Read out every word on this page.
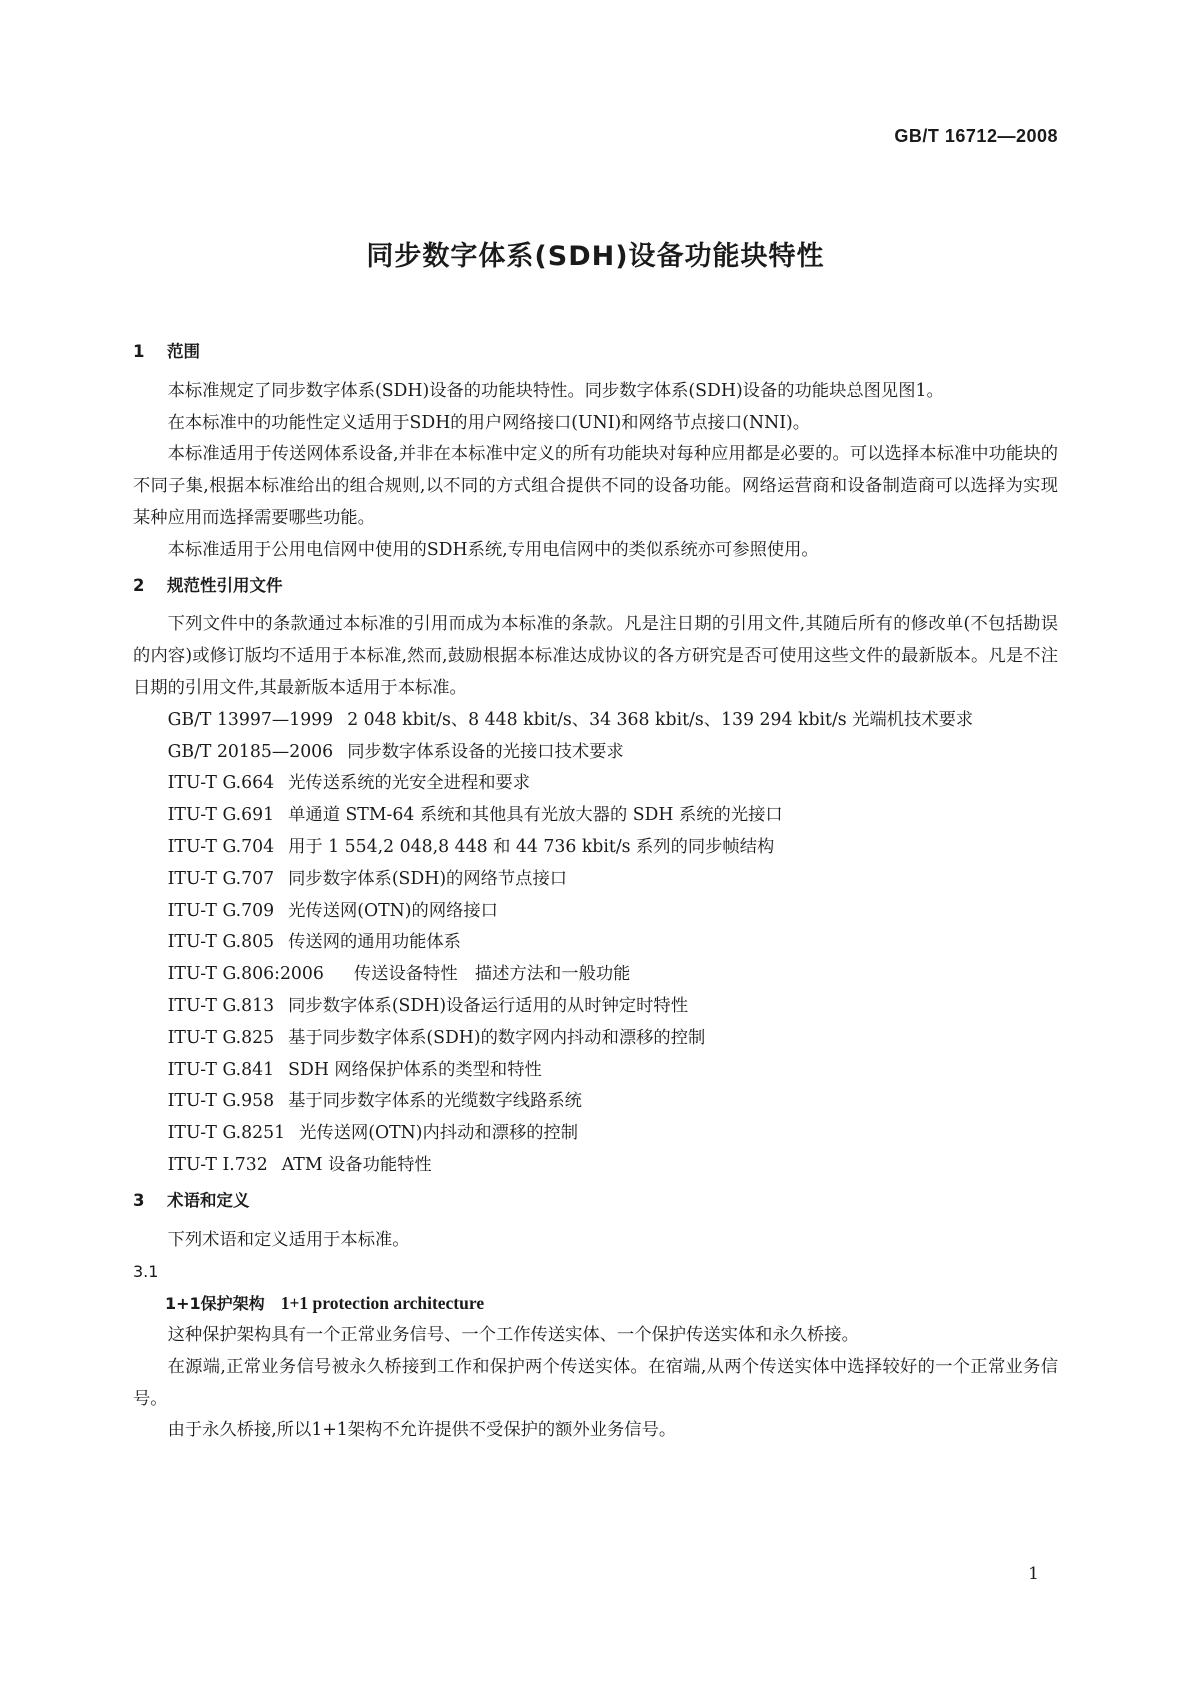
GB/T 16712—2008
同步数字体系(SDH)设备功能块特性
1 范围

本标准规定了同步数字体系(SDH)设备的功能块特性。同步数字体系(SDH)设备的功能块总图见图1。

在本标准中的功能性定义适用于SDH的用户网络接口(UNI)和网络节点接口(NNI)。

本标准适用于传送网体系设备,并非在本标准中定义的所有功能块对每种应用都是必要的。可以选择本标准中功能块的不同子集,根据本标准给出的组合规则,以不同的方式组合提供不同的设备功能。网络运营商和设备制造商可以选择为实现某种应用而选择需要哪些功能。

本标准适用于公用电信网中使用的SDH系统,专用电信网中的类似系统亦可参照使用。

2 规范性引用文件

下列文件中的条款通过本标准的引用而成为本标准的条款。凡是注日期的引用文件,其随后所有的修改单(不包括勘误的内容)或修订版均不适用于本标准,然而,鼓励根据本标准达成协议的各方研究是否可使用这些文件的最新版本。凡是不注日期的引用文件,其最新版本适用于本标准。

GB/T 13997—1999 2 048 kbit/s、8 448 kbit/s、34 368 kbit/s、139 294 kbit/s 光端机技术要求
GB/T 20185—2006 同步数字体系设备的光接口技术要求
ITU-T G.664 光传送系统的光安全进程和要求
ITU-T G.691 单通道 STM-64 系统和其他具有光放大器的 SDH 系统的光接口
ITU-T G.704 用于 1 554,2 048,8 448 和 44 736 kbit/s 系列的同步帧结构
ITU-T G.707 同步数字体系(SDH)的网络节点接口
ITU-T G.709 光传送网(OTN)的网络接口
ITU-T G.805 传送网的通用功能体系
ITU-T G.806:2006 传送设备特性　描述方法和一般功能
ITU-T G.813 同步数字体系(SDH)设备运行适用的从时钟定时特性
ITU-T G.825 基于同步数字体系(SDH)的数字网内抖动和漂移的控制
ITU-T G.841 SDH 网络保护体系的类型和特性
ITU-T G.958 基于同步数字体系的光缆数字线路系统
ITU-T G.8251 光传送网(OTN)内抖动和漂移的控制
ITU-T I.732 ATM 设备功能特性
3 术语和定义

下列术语和定义适用于本标准。

3.1
1+1保护架构 1+1 protection architecture

这种保护架构具有一个正常业务信号、一个工作传送实体、一个保护传送实体和永久桥接。

在源端,正常业务信号被永久桥接到工作和保护两个传送实体。在宿端,从两个传送实体中选择较好的一个正常业务信号。

由于永久桥接,所以1+1架构不允许提供不受保护的额外业务信号。

1
